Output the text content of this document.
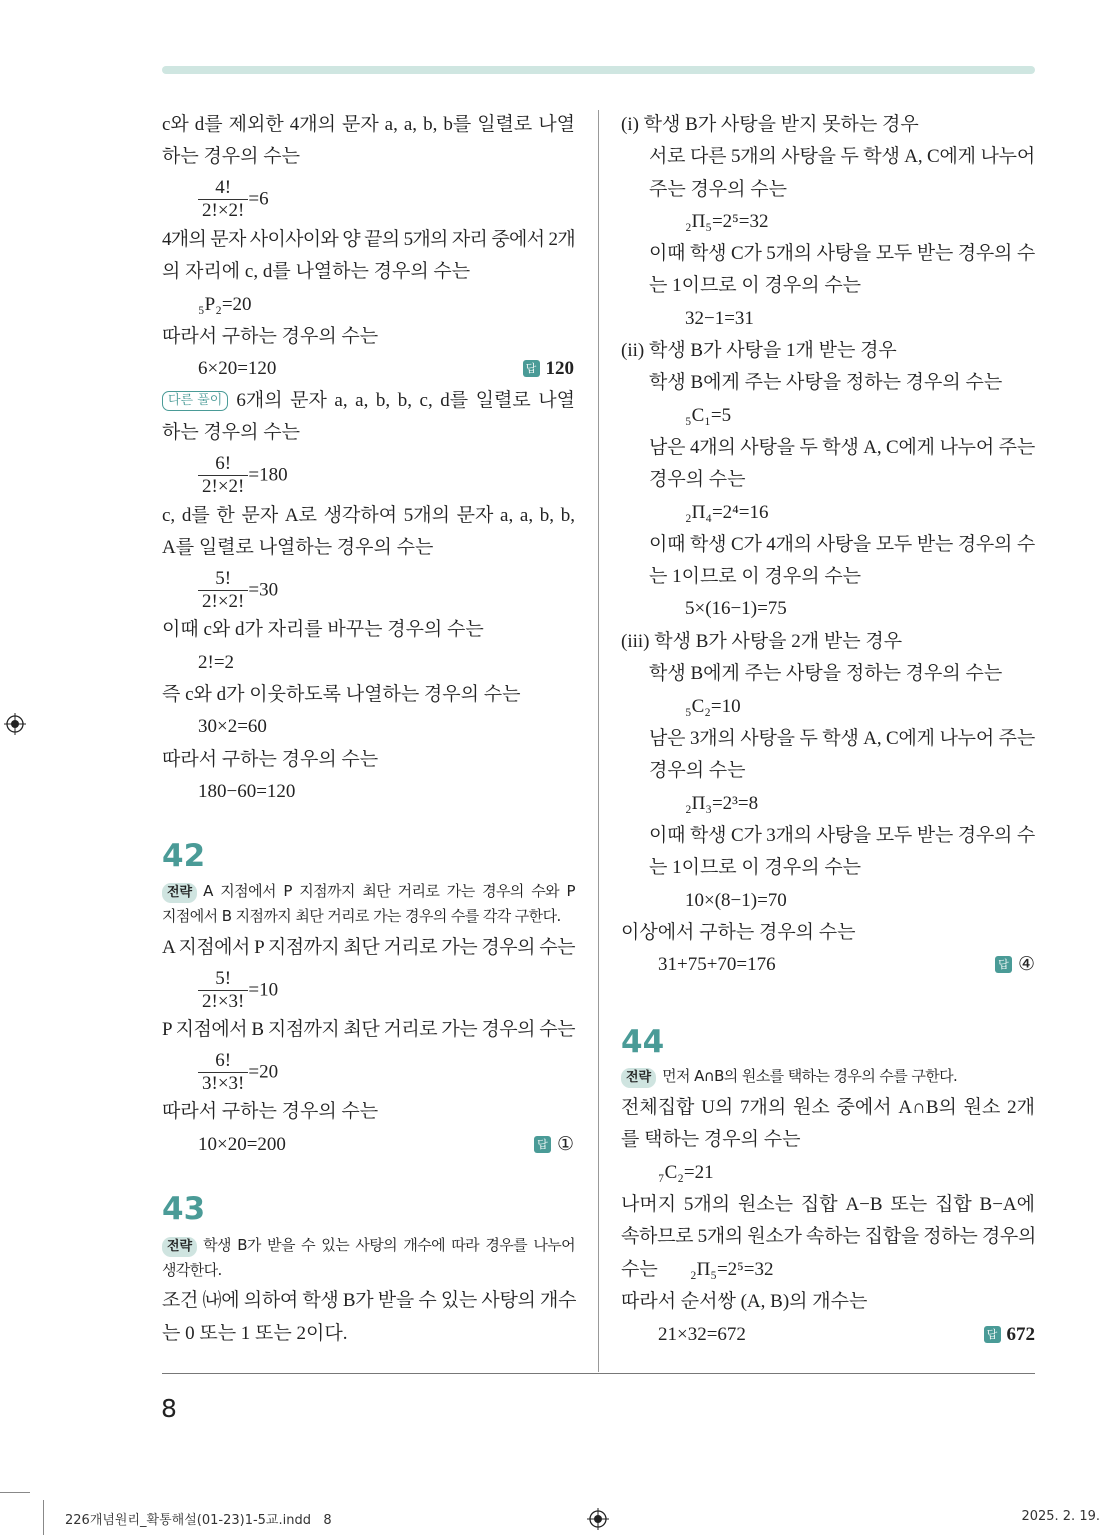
c와 d를 제외한 4개의 문자 a, a, b, b를 일렬로 나열
하는 경우의 수는
$\frac{4!}{2!\times 2!} =6$
4개의 문자 사이사이와 양 끝의 5개의 자리 중에서 2개
의 자리에 c, d를 나열하는 경우의 수는
₅P₂=20
따라서 구하는 경우의 수는
6×20=120	답 120
다른 풀이 6개의 문자 a, a, b, b, c, d를 일렬로 나열
하는 경우의 수는
$\frac{6!}{2!\times 2!} =180$
c, d를 한 문자 A로 생각하여 5개의 문자 a, a, b, b,
A를 일렬로 나열하는 경우의 수는
$\frac{5!}{2!\times 2!} =30$
이때 c와 d가 자리를 바꾸는 경우의 수는
2!=2
즉 c와 d가 이웃하도록 나열하는 경우의 수는
30×2=60
따라서 구하는 경우의 수는
180−60=120
42
전략 A 지점에서 P 지점까지 최단 거리로 가는 경우의 수와 P
지점에서 B 지점까지 최단 거리로 가는 경우의 수를 각각 구한다.
A 지점에서 P 지점까지 최단 거리로 가는 경우의 수는
$\frac{5!}{2!\times 3!} =10$
P 지점에서 B 지점까지 최단 거리로 가는 경우의 수는
$\frac{6!}{3!\times 3!} =20$
따라서 구하는 경우의 수는
10×20=200	답 ①
43
전략 학생 B가 받을 수 있는 사탕의 개수에 따라 경우를 나누어
생각한다.
조건 ㈏에 의하여 학생 B가 받을 수 있는 사탕의 개수
는 0 또는 1 또는 2이다.
(i) 학생 B가 사탕을 받지 못하는 경우
서로 다른 5개의 사탕을 두 학생 A, C에게 나누어
주는 경우의 수는
₂Π₅=2⁵=32
이때 학생 C가 5개의 사탕을 모두 받는 경우의 수
는 1이므로 이 경우의 수는
32−1=31
(ii) 학생 B가 사탕을 1개 받는 경우
학생 B에게 주는 사탕을 정하는 경우의 수는
₅C₁=5
남은 4개의 사탕을 두 학생 A, C에게 나누어 주는
경우의 수는
₂Π₄=2⁴=16
이때 학생 C가 4개의 사탕을 모두 받는 경우의 수
는 1이므로 이 경우의 수는
5×(16−1)=75
(iii) 학생 B가 사탕을 2개 받는 경우
학생 B에게 주는 사탕을 정하는 경우의 수는
₅C₂=10
남은 3개의 사탕을 두 학생 A, C에게 나누어 주는
경우의 수는
₂Π₃=2³=8
이때 학생 C가 3개의 사탕을 모두 받는 경우의 수
는 1이므로 이 경우의 수는
10×(8−1)=70
이상에서 구하는 경우의 수는
31+75+70=176	답 ④
44
전략 먼저 A∩B의 원소를 택하는 경우의 수를 구한다.
전체집합 U의 7개의 원소 중에서 A∩B의 원소 2개
를 택하는 경우의 수는
₇C₂=21
나머지 5개의 원소는 집합 A−B 또는 집합 B−A에
속하므로 5개의 원소가 속하는 집합을 정하는 경우의
수는 ₂Π₅=2⁵=32
따라서 순서쌍 (A, B)의 개수는
21×32=672	답 672
8
226개념원리_확통해설(01-23)1-5교.indd   8	2025. 2. 19.
